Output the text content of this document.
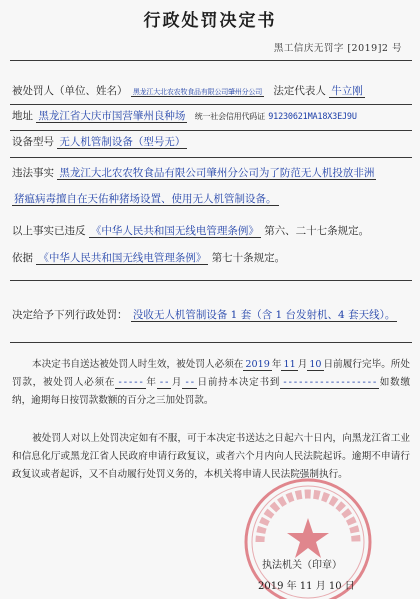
行政处罚决定书
黑工信庆无罚字 [2019]2 号
被处罚人（单位、姓名） 黑龙江大北农农牧食品有限公司肇州分公司 法定代表人 牛立刚
地址 黑龙江省大庆市国营肇州良种场 统一社会信用代码证 91230621MA18X3EJ9U
设备型号 无人机管制设备（型号无）
违法事实 黑龙江大北农农牧食品有限公司肇州分公司为了防范无人机投放非洲
猪瘟病毒擅自在天佑种猪场设置、使用无人机管制设备。
以上事实已违反 《中华人民共和国无线电管理条例》 第六、二十七条规定。
依据 《中华人民共和国无线电管理条例》 第七十条规定。
决定给予下列行政处罚： 没收无人机管制设备 1 套（含 1 台发射机、4 套天线）。
本决定书自送达被处罚人时生效，被处罚人必须在 2019 年 11 月 10 日前履行完毕。所处罚款，被处罚人必须在 ----- 年 -- 月 -- 日前持本决定书到 ------------------ 如数缴纳，逾期每日按罚款数额的百分之三加处罚款。
被处罚人对以上处罚决定如有不服，可于本决定书送达之日起六十日内，向黑龙江省工业和信息化厅或黑龙江省人民政府申请行政复议，或者六个月内向人民法院起诉。逾期不申请行政复议或者起诉，又不自动履行处罚义务的，本机关将申请人民法院强制执行。
执法机关（印章）
2019 年 11 月 10 日
